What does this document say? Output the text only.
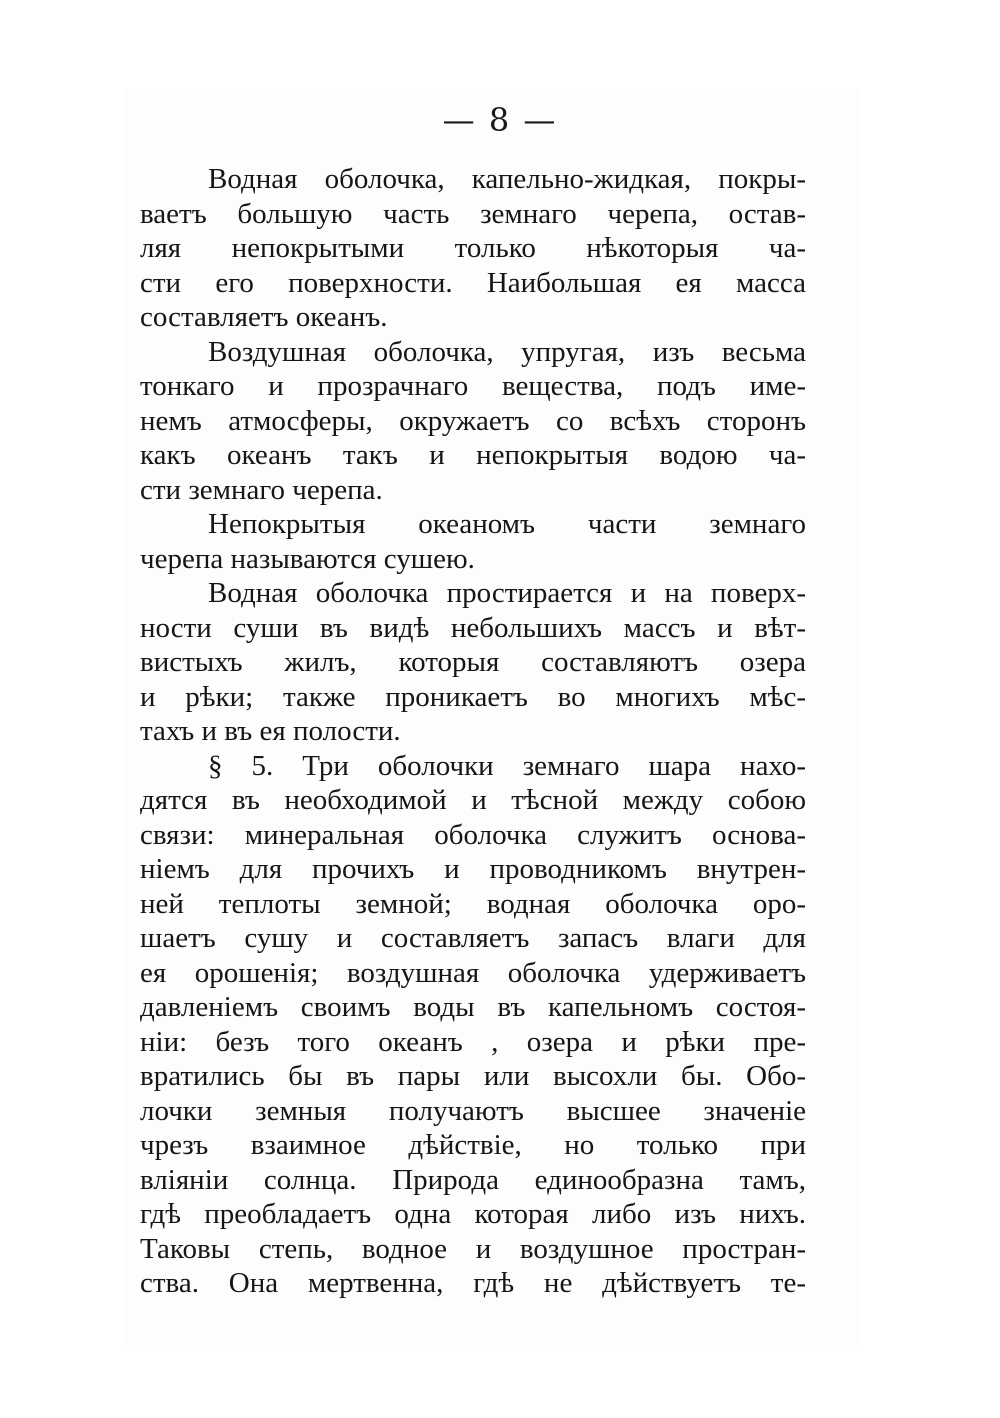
— 8 —
Водная оболочка, капельно-жидкая, покры-
ваетъ большую часть земнаго черепа, остав-
ляя непокрытыми только нѣкоторыя ча-
сти его поверхности. Наибольшая ея масса
составляетъ океанъ.
Воздушная оболочка, упругая, изъ весьма
тонкаго и прозрачнаго вещества, подъ име-
немъ атмосферы, окружаетъ со всѣхъ сторонъ
какъ океанъ такъ и непокрытыя водою ча-
сти земнаго черепа.
Непокрытыя океаномъ части земнаго
черепа называются сушею.
Водная оболочка простирается и на поверх-
ности суши въ видѣ небольшихъ массъ и вѣт-
вистыхъ жилъ, которыя составляютъ озера
и рѣки; также проникаетъ во многихъ мѣс-
тахъ и въ ея полости.
§ 5. Три оболочки земнаго шара нахо-
дятся въ необходимой и тѣсной между собою
связи: минеральная оболочка служитъ основа-
ніемъ для прочихъ и проводникомъ внутрен-
ней теплоты земной; водная оболочка оро-
шаетъ сушу и составляетъ запасъ влаги для
ея орошенія; воздушная оболочка удерживаетъ
давленіемъ своимъ воды въ капельномъ состоя-
ніи: безъ того океанъ , озера и рѣки пре-
вратились бы въ пары или высохли бы. Обо-
лочки земныя получаютъ высшее значеніе
чрезъ взаимное дѣйствіе, но только при
вліяніи солнца. Природа единообразна тамъ,
гдѣ преобладаетъ одна которая либо изъ нихъ.
Таковы степь, водное и воздушное простран-
ства. Она мертвенна, гдѣ не дѣйствуетъ те-
